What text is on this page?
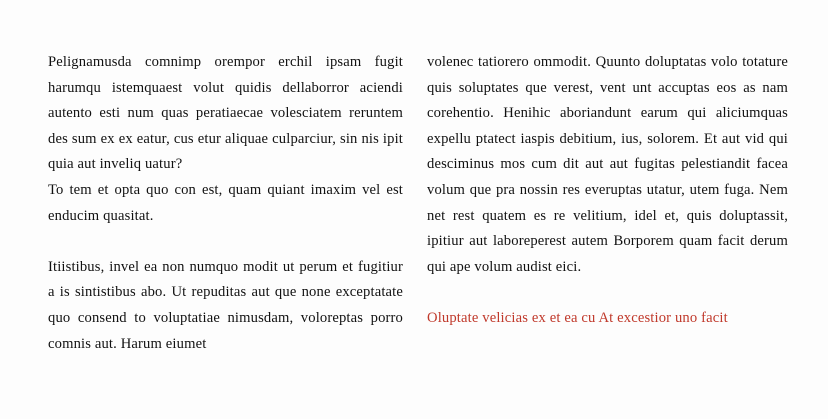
Pelignamusda comnimp orempor erchil ipsam fugit harumqu istemquaest volut quidis dellaborror aciendi autento esti num quas peratiaecae volesciatem reruntem des sum ex ex eatur, cus etur aliquae culparciur, sin nis ipit quia aut inveliq uatur?

To tem et opta quo con est, quam quiant imaxim vel est enducim quasitat.

Itiistibus, invel ea non numquo modit ut perum et fugitiur a is sintistibus abo. Ut repuditas aut que none exceptatate quo consend to voluptatiae nimusdam, voloreptas porro comnis aut. Harum eiumet

volenec tatiorero ommodit. Quunto doluptatas volo totature quis soluptates que verest, vent unt accuptas eos as nam corehentio. Henihic aboriandunt earum qui aliciumquas expellu ptatect iaspis debitium, ius, solorem. Et aut vid qui desciminus mos cum dit aut aut fugitas pelestiandit facea volum que pra nossin res everuptas utatur, utem fuga. Nem net rest quatem es re velitium, idel et, quis doluptassit, ipitiur aut laboreperest autem Borporem quam facit derum qui ape volum audist eici.

Oluptate velicias ex et ea cu At excestior uno facit
